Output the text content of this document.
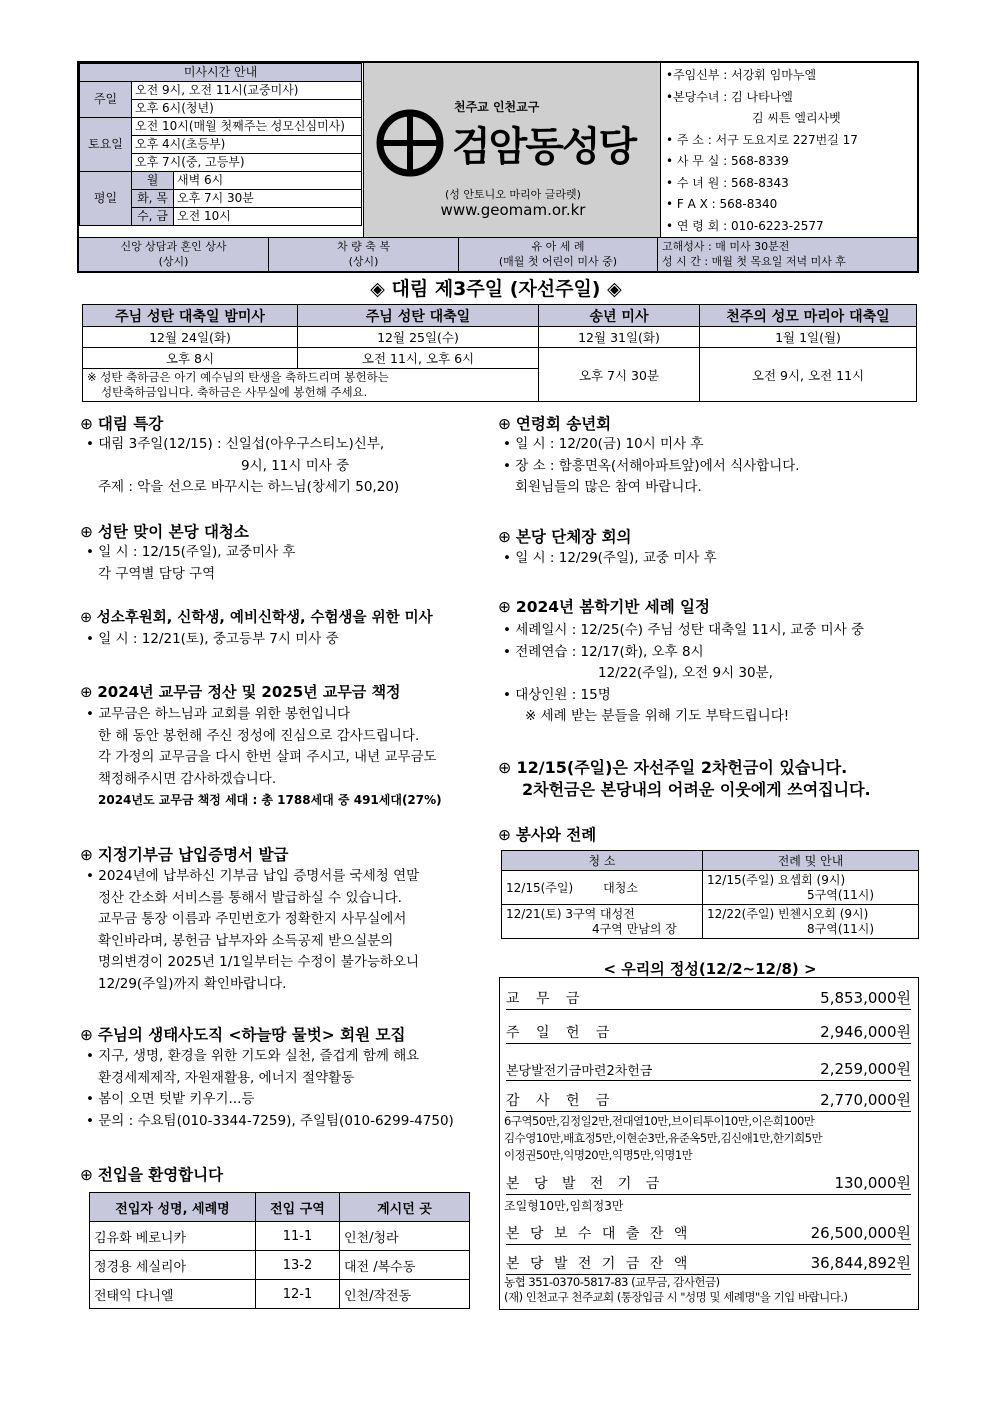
미사시간 안내		
주일	오전 9시, 오전 11시(교중미사)	
	오후 6시(청년)	
토요일	오전 10시(매월 첫째주는 성모신심미사)	
	오후 4시(초등부)	
	오후 7시(중, 고등부)	
평일	월	새벽 6시
	화, 목	오후 7시 30분
	수, 금	오전 10시
천주교 인천교구
검암동성당
(성 안토니오 마리아 글라렛)
www.geomam.or.kr
•주임신부 : 서강휘 임마누엘
•본당수녀 : 김 나타나엘
김 씨튼 엘리사벳
• 주 소 : 서구 도요지로 227번길 17
• 사 무 실 : 568-8339
• 수 녀 원 : 568-8343
• F A X : 568-8340
• 연 령 회 : 010-6223-2577
신앙 상담과 혼인 상사
(상시)
차 량 축 복
(상시)
유 아 세 례
(매월 첫 어린이 미사 중)
고해성사 : 매 미사 30분전
성 시 간 : 매월 첫 목요일 저녁 미사 후
◈ 대림 제3주일 (자선주일) ◈
주님 성탄 대축일 밤미사	주님 성탄 대축일	송년 미사	천주의 성모 마리아 대축일
12월 24일(화)	12월 25일(수)	12월 31일(화)	1월 1일(월)
오후 8시	오전 11시, 오후 6시	오후 7시 30분	오전 9시, 오전 11시
※ 성탄 축하금은 아기 예수님의 탄생을 축하드리며 봉헌하는
성탄축하금입니다. 축하금은 사무실에 봉헌해 주세요.			
⊕ 대림 특강
• 대림 3주일(12/15) : 신일섭(아우구스티노)신부,
9시, 11시 미사 중
주제 : 악을 선으로 바꾸시는 하느님(창세기 50,20)
⊕ 성탄 맞이 본당 대청소
• 일 시 : 12/15(주일), 교중미사 후
각 구역별 담당 구역
⊕ 성소후원회, 신학생, 예비신학생, 수험생을 위한 미사
• 일 시 : 12/21(토), 중고등부 7시 미사 중
⊕ 2024년 교무금 정산 및 2025년 교무금 책정
• 교무금은 하느님과 교회를 위한 봉헌입니다
한 해 동안 봉헌해 주신 정성에 진심으로 감사드립니다.
각 가정의 교무금을 다시 한번 살펴 주시고, 내년 교무금도
책정해주시면 감사하겠습니다.
2024년도 교무금 책정 세대 : 총 1788세대 중 491세대(27%)
⊕ 지정기부금 납입증명서 발급
• 2024년에 납부하신 기부금 납입 증명서를 국세청 연말
정산 간소화 서비스를 통해서 발급하실 수 있습니다.
교무금 통장 이름과 주민번호가 정확한지 사무실에서
확인바라며, 봉헌금 납부자와 소득공제 받으실분의
명의변경이 2025년 1/1일부터는 수정이 불가능하오니
12/29(주일)까지 확인바랍니다.
⊕ 주님의 생태사도직 <하늘땅 물벗> 회원 모집
• 지구, 생명, 환경을 위한 기도와 실천, 즐겁게 함께 해요
환경세제제작, 자원재활용, 에너지 절약활동
• 봄이 오면 텃밭 키우기...등
• 문의 : 수요팀(010-3344-7259), 주일팀(010-6299-4750)
⊕ 전입을 환영합니다
전입자 성명, 세례명	전입 구역	계시던 곳
김유화 베로니카	11-1	인천/청라
정경용 세실리아	13-2	대전 /복수동
전태익 다니엘	12-1	인천/작전동
⊕ 연령회 송년회
• 일 시 : 12/20(금) 10시 미사 후
• 장 소 : 함흥면옥(서해아파트앞)에서 식사합니다.
회원님들의 많은 참여 바랍니다.
⊕ 본당 단체장 회의
• 일 시 : 12/29(주일), 교중 미사 후
⊕ 2024년 봄학기반 세례 일정
• 세례일시 : 12/25(수) 주님 성탄 대축일 11시, 교중 미사 중
• 전례연습 : 12/17(화), 오후 8시
12/22(주일), 오전 9시 30분,
• 대상인원 : 15명
※ 세례 받는 분들을 위해 기도 부탁드립니다!
⊕ 12/15(주일)은 자선주일 2차헌금이 있습니다.
2차헌금은 본당내의 어려운 이웃에게 쓰여집니다.
⊕ 봉사와 전례
청 소	전례 및 안내
12/15(주일) 대청소	12/15(주일) 요셉회 (9시)
5구역(11시)
12/21(토) 3구역 대성전
4구역 만남의 장	12/22(주일) 빈첸시오회 (9시)
8구역(11시)
< 우리의 정성(12/2~12/8) >
교 무 금	5,853,000원
주 일 헌 금	2,946,000원
본당발전기금마련2차헌금	2,259,000원
감 사 헌 금	2,770,000원
6구역50만,김정일2만,전대열10만,브이티투이10만,이은희100만
김수영10만,배효정5만,이현순3만,유준옥5만,김신애1만,한기희5만
이정권50만,익명20만,익명5만,익명1만
본 당 발 전 기 금	130,000원
조일형10만,임희정3만
본 당 보 수 대 출 잔 액	26,500,000원
본 당 발 전 기 금 잔 액	36,844,892원
농협 351-0370-5817-83 (교무금, 감사헌금)
(재) 인천교구 천주교회 (통장입금 시 "성명 및 세례명"을 기입 바랍니다.)
